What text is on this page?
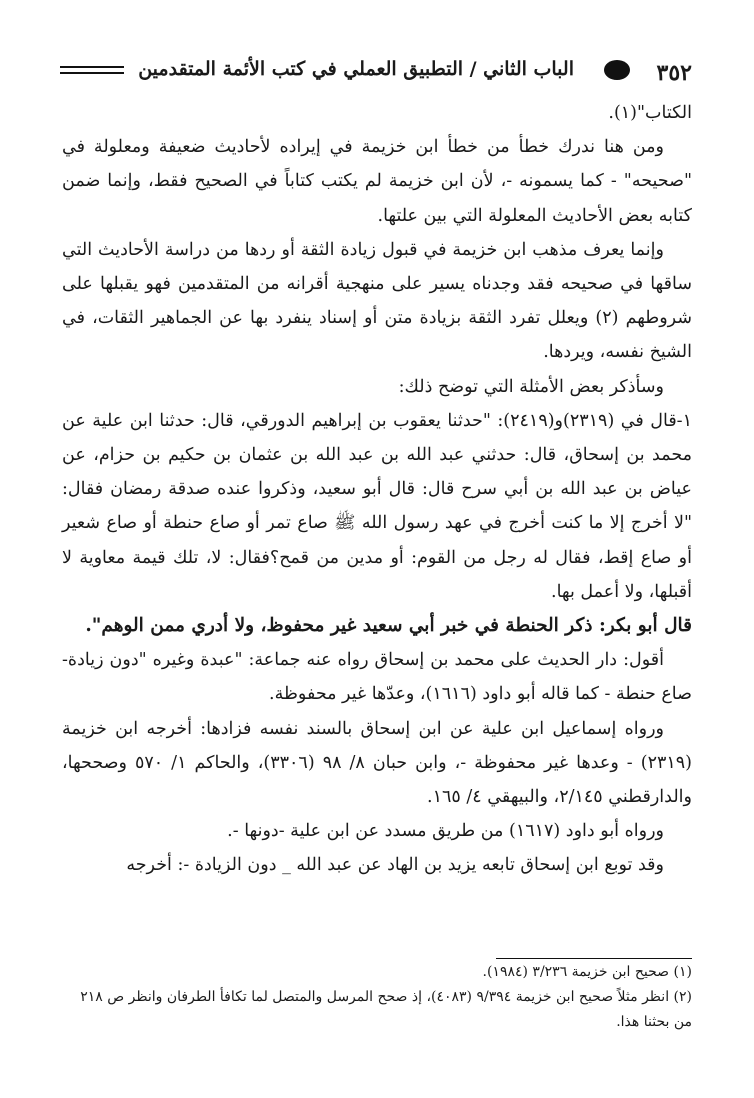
٣٥٢
الباب الثاني / التطبيق العملي في كتب الأئمة المتقدمين

الكتاب"(١).

ومن هنا ندرك خطأ من خطأ ابن خزيمة في إيراده لأحاديث ضعيفة ومعلولة في "صحيحه" - كما يسمونه -، لأن ابن خزيمة لم يكتب كتاباً في الصحيح فقط، وإنما ضمن كتابه بعض الأحاديث المعلولة التي بين علتها.

وإنما يعرف مذهب ابن خزيمة في قبول زيادة الثقة أو ردها من دراسة الأحاديث التي ساقها في صحيحه فقد وجدناه يسير على منهجية أقرانه من المتقدمين فهو يقبلها على شروطهم (٢) ويعلل تفرد الثقة بزيادة متن أو إسناد ينفرد بها عن الجماهير الثقات، في الشيخ نفسه، ويردها.

وسأذكر بعض الأمثلة التي توضح ذلك:

١-قال في (٢٣١٩)و(٢٤١٩): "حدثنا يعقوب بن إبراهيم الدورقي، قال: حدثنا ابن علية عن محمد بن إسحاق، قال: حدثني عبد الله بن عبد الله بن عثمان بن حكيم بن حزام، عن عياض بن عبد الله بن أبي سرح قال: قال أبو سعيد، وذكروا عنده صدقة رمضان فقال: "لا أخرج إلا ما كنت أخرج في عهد رسول الله ﷺ صاع تمر أو صاع حنطة أو صاع شعير أو صاع إقط، فقال له رجل من القوم: أو مدين من قمح؟فقال: لا، تلك قيمة معاوية لا أقبلها، ولا أعمل بها.

قال أبو بكر: ذكر الحنطة في خبر أبي سعيد غير محفوظ، ولا أدري ممن الوهم".

أقول: دار الحديث على محمد بن إسحاق رواه عنه جماعة: "عبدة وغيره "دون زيادة- صاع حنطة - كما قاله أبو داود (١٦١٦)، وعدّها غير محفوظة.

ورواه إسماعيل ابن علية عن ابن إسحاق بالسند نفسه فزادها: أخرجه ابن خزيمة (٢٣١٩) - وعدها غير محفوظة -، وابن حبان ٨/ ٩٨ (٣٣٠٦)، والحاكم ١/ ٥٧٠ وصححها، والدارقطني ٢/١٤٥، والبيهقي ٤/ ١٦٥.

ورواه أبو داود (١٦١٧) من طريق مسدد عن ابن علية -دونها -.

وقد توبع ابن إسحاق تابعه يزيد بن الهاد عن عبد الله _ دون الزيادة -: أخرجه

(١) صحيح ابن خزيمة ٣/٢٣٦ (١٩٨٤).

(٢) انظر مثلاً صحيح ابن خزيمة ٩/٣٩٤ (٤٠٨٣)، إذ صحح المرسل والمتصل لما تكافأ الطرفان وانظر ص ٢١٨ من بحثنا هذا.
